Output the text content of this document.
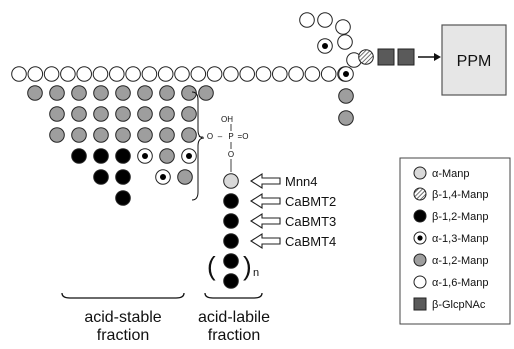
PPM
OH
P =O
O
– –
O
Mnn4
CaBMT2
CaBMT3
CaBMT4
( ) n
acid-stable
fraction
acid-labile
fraction
α-Manp
β-1,4-Manp
β-1,2-Manp
α-1,3-Manp
α-1,2-Manp
α-1,6-Manp
β-GlcpNAc
